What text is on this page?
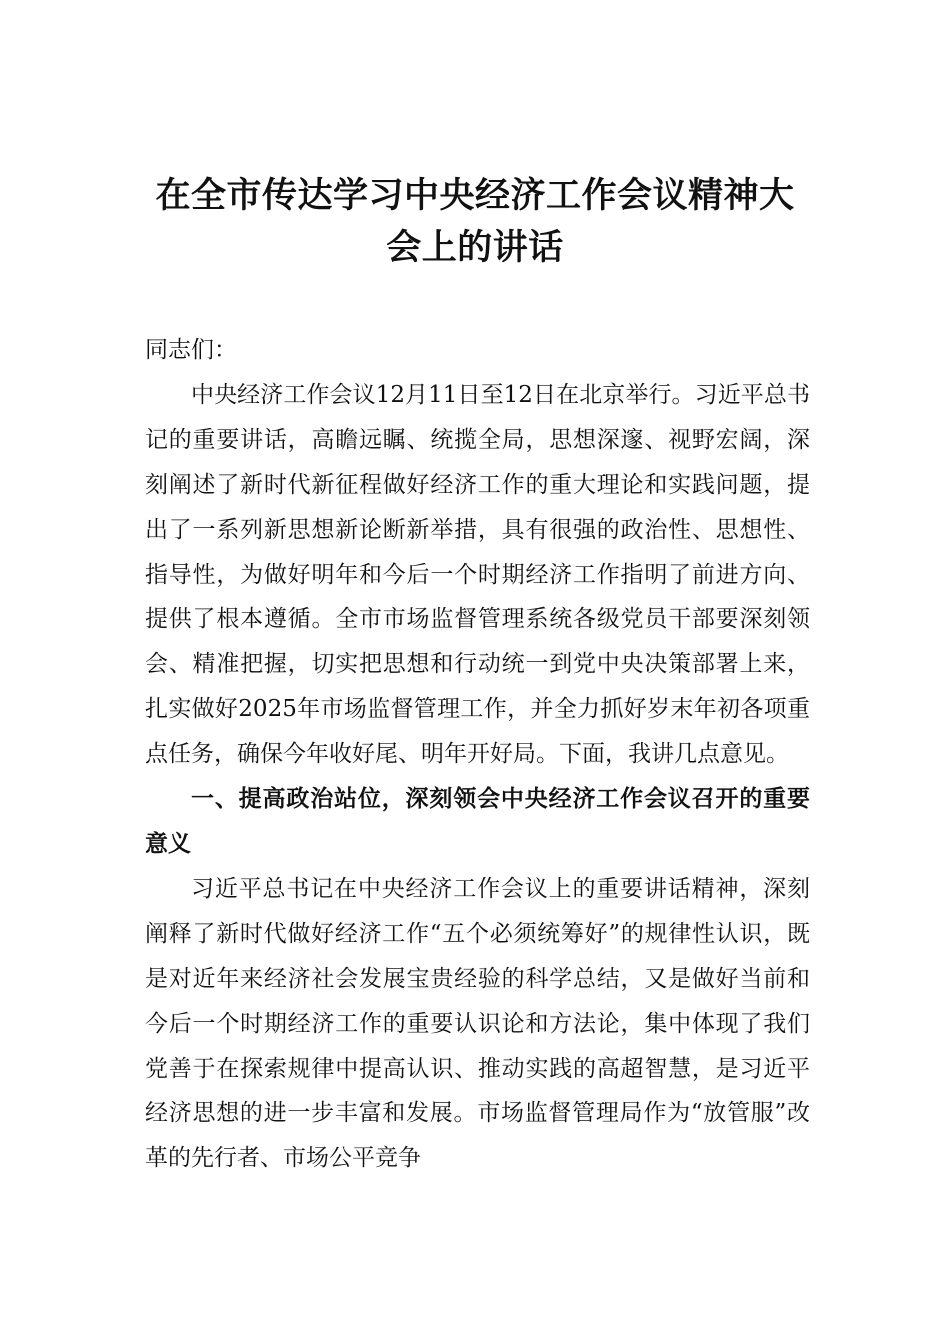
在全市传达学习中央经济工作会议精神大会上的讲话

同志们：

中央经济工作会议12月11日至12日在北京举行。习近平总书记的重要讲话，高瞻远瞩、统揽全局，思想深邃、视野宏阔，深刻阐述了新时代新征程做好经济工作的重大理论和实践问题，提出了一系列新思想新论断新举措，具有很强的政治性、思想性、指导性，为做好明年和今后一个时期经济工作指明了前进方向、提供了根本遵循。全市市场监督管理系统各级党员干部要深刻领会、精准把握，切实把思想和行动统一到党中央决策部署上来，扎实做好2025年市场监督管理工作，并全力抓好岁末年初各项重点任务，确保今年收好尾、明年开好局。下面，我讲几点意见。

一、提高政治站位，深刻领会中央经济工作会议召开的重要意义

习近平总书记在中央经济工作会议上的重要讲话精神，深刻阐释了新时代做好经济工作“五个必须统筹好”的规律性认识，既是对近年来经济社会发展宝贵经验的科学总结，又是做好当前和今后一个时期经济工作的重要认识论和方法论，集中体现了我们党善于在探索规律中提高认识、推动实践的高超智慧，是习近平经济思想的进一步丰富和发展。市场监督管理局作为“放管服”改革的先行者、市场公平竞争
